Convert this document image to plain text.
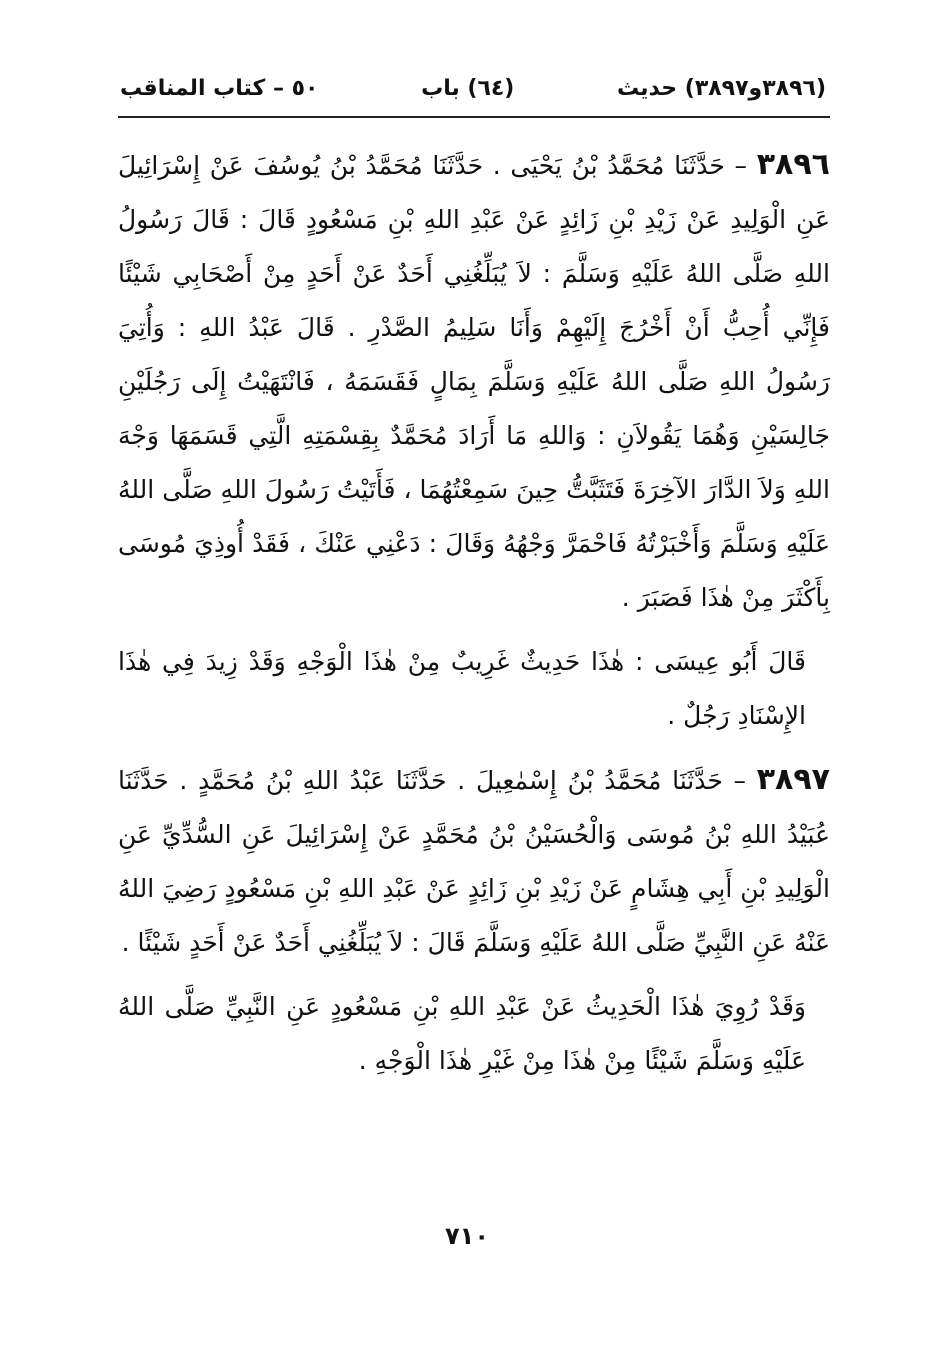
٥٠ – كتاب المناقب	(٦٤) باب	(٣٨٩٦و٣٨٩٧) حديث

٣٨٩٦ – حَدَّثَنَا مُحَمَّدُ بْنُ يَحْيَى . حَدَّثَنَا مُحَمَّدُ بْنُ يُوسُفَ عَنْ إِسْرَائِيلَ عَنِ الْوَلِيدِ عَنْ زَيْدِ بْنِ زَائِدٍ عَنْ عَبْدِ اللهِ بْنِ مَسْعُودٍ قَالَ : قَالَ رَسُولُ اللهِ صَلَّى اللهُ عَلَيْهِ وَسَلَّمَ : لاَ يُبَلِّغُنِي أَحَدٌ عَنْ أَحَدٍ مِنْ أَصْحَابِي شَيْئًا فَإِنِّي أُحِبُّ أَنْ أَخْرُجَ إِلَيْهِمْ وَأَنَا سَلِيمُ الصَّدْرِ . قَالَ عَبْدُ اللهِ : وَأُتِيَ رَسُولُ اللهِ صَلَّى اللهُ عَلَيْهِ وَسَلَّمَ بِمَالٍ فَقَسَمَهُ ، فَانْتَهَيْتُ إِلَى رَجُلَيْنِ جَالِسَيْنِ وَهُمَا يَقُولاَنِ : وَاللهِ مَا أَرَادَ مُحَمَّدٌ بِقِسْمَتِهِ الَّتِي قَسَمَهَا وَجْهَ اللهِ وَلاَ الدَّارَ الآخِرَةَ فَتَثَبَّتُّ حِينَ سَمِعْتُهُمَا ، فَأَتَيْتُ رَسُولَ اللهِ صَلَّى اللهُ عَلَيْهِ وَسَلَّمَ وَأَخْبَرْتُهُ فَاحْمَرَّ وَجْهُهُ وَقَالَ : دَعْنِي عَنْكَ ، فَقَدْ أُوذِيَ مُوسَى بِأَكْثَرَ مِنْ هٰذَا فَصَبَرَ .

قَالَ أَبُو عِيسَى : هٰذَا حَدِيثٌ غَرِيبٌ مِنْ هٰذَا الْوَجْهِ وَقَدْ زِيدَ فِي هٰذَا الإِسْنَادِ رَجُلٌ .

٣٨٩٧ – حَدَّثَنَا مُحَمَّدُ بْنُ إِسْمٰعِيلَ . حَدَّثَنَا عَبْدُ اللهِ بْنُ مُحَمَّدٍ . حَدَّثَنَا عُبَيْدُ اللهِ بْنُ مُوسَى وَالْحُسَيْنُ بْنُ مُحَمَّدٍ عَنْ إِسْرَائِيلَ عَنِ السُّدِّيِّ عَنِ الْوَلِيدِ بْنِ أَبِي هِشَامٍ عَنْ زَيْدِ بْنِ زَائِدٍ عَنْ عَبْدِ اللهِ بْنِ مَسْعُودٍ رَضِيَ اللهُ عَنْهُ عَنِ النَّبِيِّ صَلَّى اللهُ عَلَيْهِ وَسَلَّمَ قَالَ : لاَ يُبَلِّغُنِي أَحَدٌ عَنْ أَحَدٍ شَيْئًا .

وَقَدْ رُوِيَ هٰذَا الْحَدِيثُ عَنْ عَبْدِ اللهِ بْنِ مَسْعُودٍ عَنِ النَّبِيِّ صَلَّى اللهُ عَلَيْهِ وَسَلَّمَ شَيْئًا مِنْ هٰذَا مِنْ غَيْرِ هٰذَا الْوَجْهِ .

٧١٠
